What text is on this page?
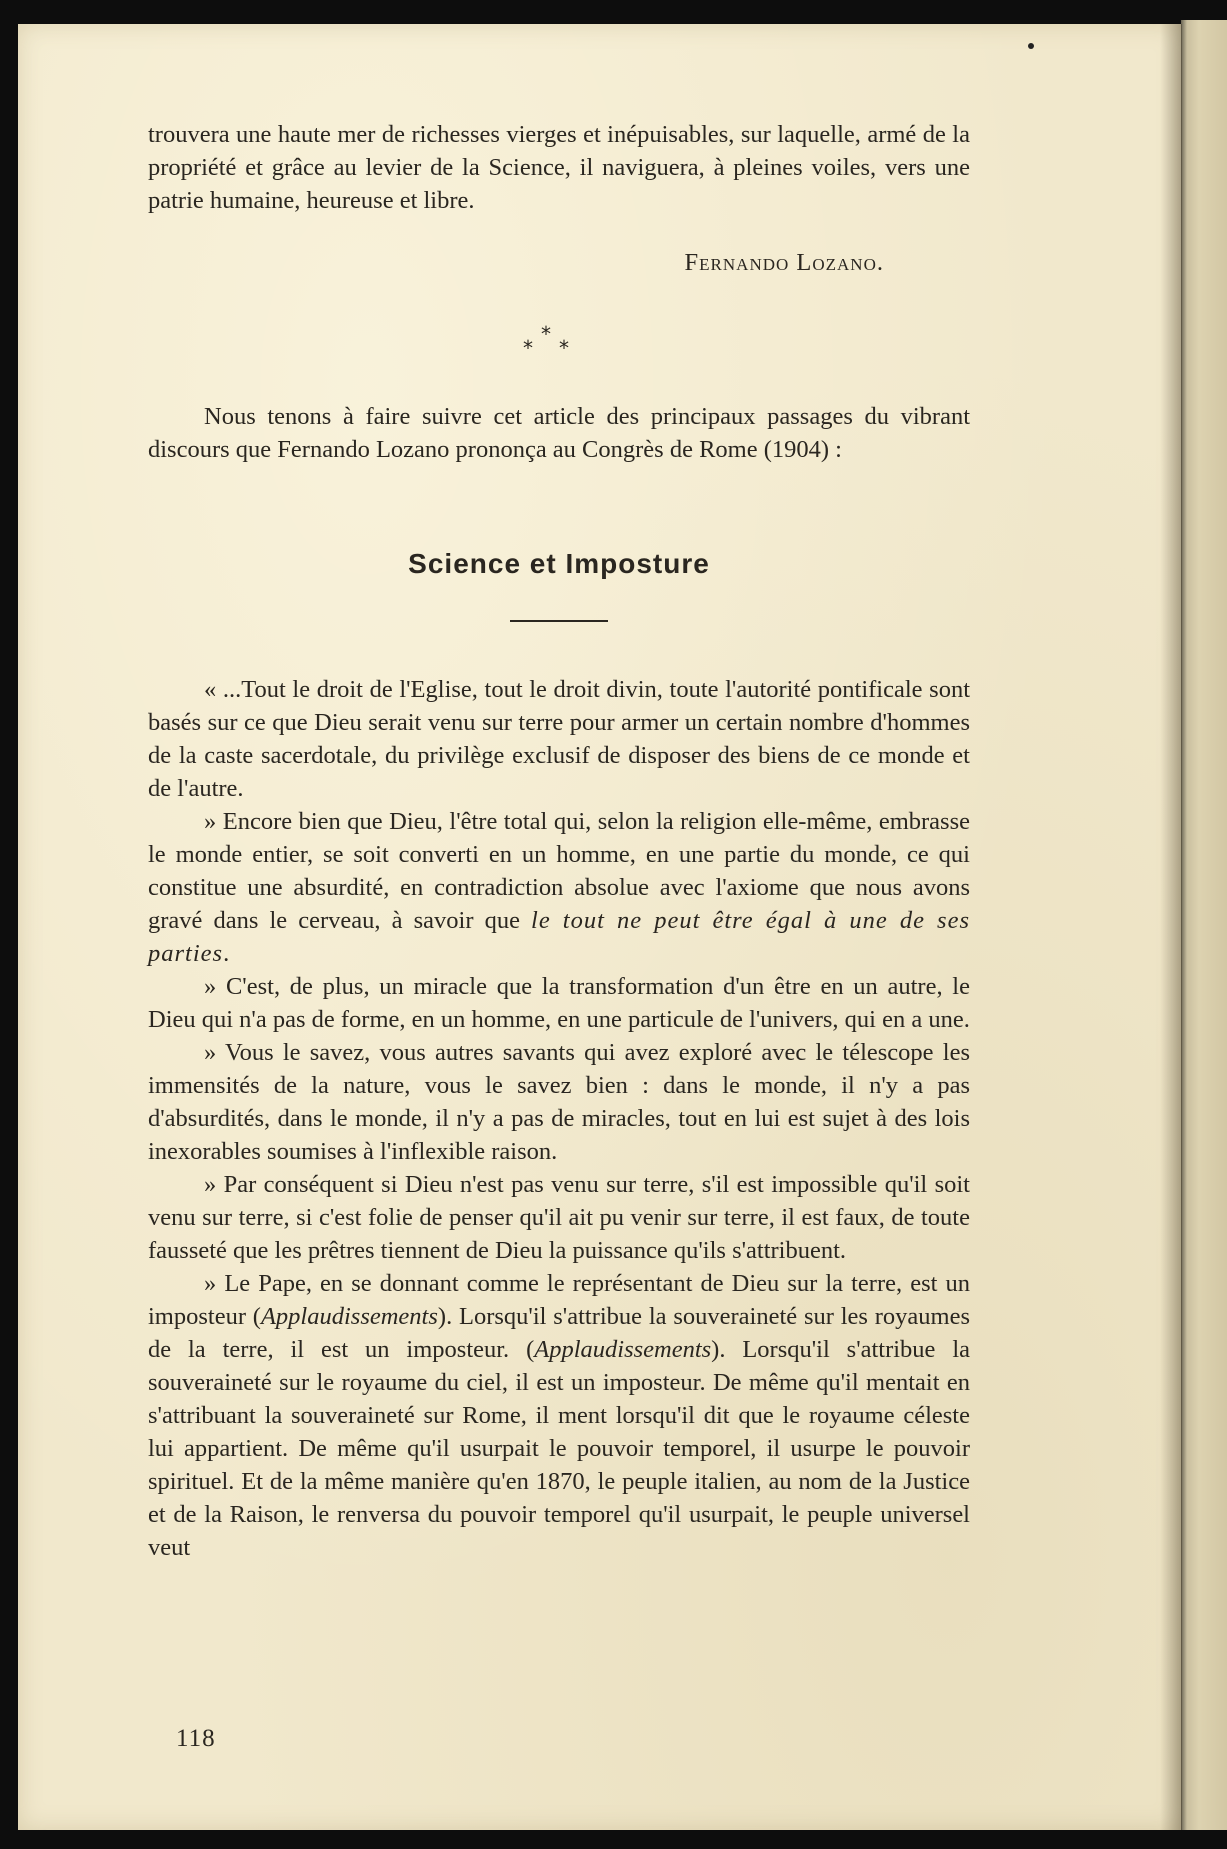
trouvera une haute mer de richesses vierges et inépuisables, sur laquelle, armé de la propriété et grâce au levier de la Science, il naviguera, à pleines voiles, vers une patrie humaine, heureuse et libre.

Fernando Lozano.
*
* *

Nous tenons à faire suivre cet article des principaux passages du vibrant discours que Fernando Lozano prononça au Congrès de Rome (1904) :

Science et Imposture

« ...Tout le droit de l'Eglise, tout le droit divin, toute l'autorité pontificale sont basés sur ce que Dieu serait venu sur terre pour armer un certain nombre d'hommes de la caste sacerdotale, du privilège exclusif de disposer des biens de ce monde et de l'autre.

» Encore bien que Dieu, l'être total qui, selon la religion elle-même, embrasse le monde entier, se soit converti en un homme, en une partie du monde, ce qui constitue une absurdité, en contradiction absolue avec l'axiome que nous avons gravé dans le cerveau, à savoir que le tout ne peut être égal à une de ses parties.

» C'est, de plus, un miracle que la transformation d'un être en un autre, le Dieu qui n'a pas de forme, en un homme, en une particule de l'univers, qui en a une.

» Vous le savez, vous autres savants qui avez exploré avec le télescope les immensités de la nature, vous le savez bien : dans le monde, il n'y a pas d'absurdités, dans le monde, il n'y a pas de miracles, tout en lui est sujet à des lois inexorables soumises à l'inflexible raison.

» Par conséquent si Dieu n'est pas venu sur terre, s'il est impossible qu'il soit venu sur terre, si c'est folie de penser qu'il ait pu venir sur terre, il est faux, de toute fausseté que les prêtres tiennent de Dieu la puissance qu'ils s'attribuent.

» Le Pape, en se donnant comme le représentant de Dieu sur la terre, est un imposteur (Applaudissements). Lorsqu'il s'attribue la souveraineté sur les royaumes de la terre, il est un imposteur. (Applaudissements). Lorsqu'il s'attribue la souveraineté sur le royaume du ciel, il est un imposteur. De même qu'il mentait en s'attribuant la souveraineté sur Rome, il ment lorsqu'il dit que le royaume céleste lui appartient. De même qu'il usurpait le pouvoir temporel, il usurpe le pouvoir spirituel. Et de la même manière qu'en 1870, le peuple italien, au nom de la Justice et de la Raison, le renversa du pouvoir temporel qu'il usurpait, le peuple universel veut

118
